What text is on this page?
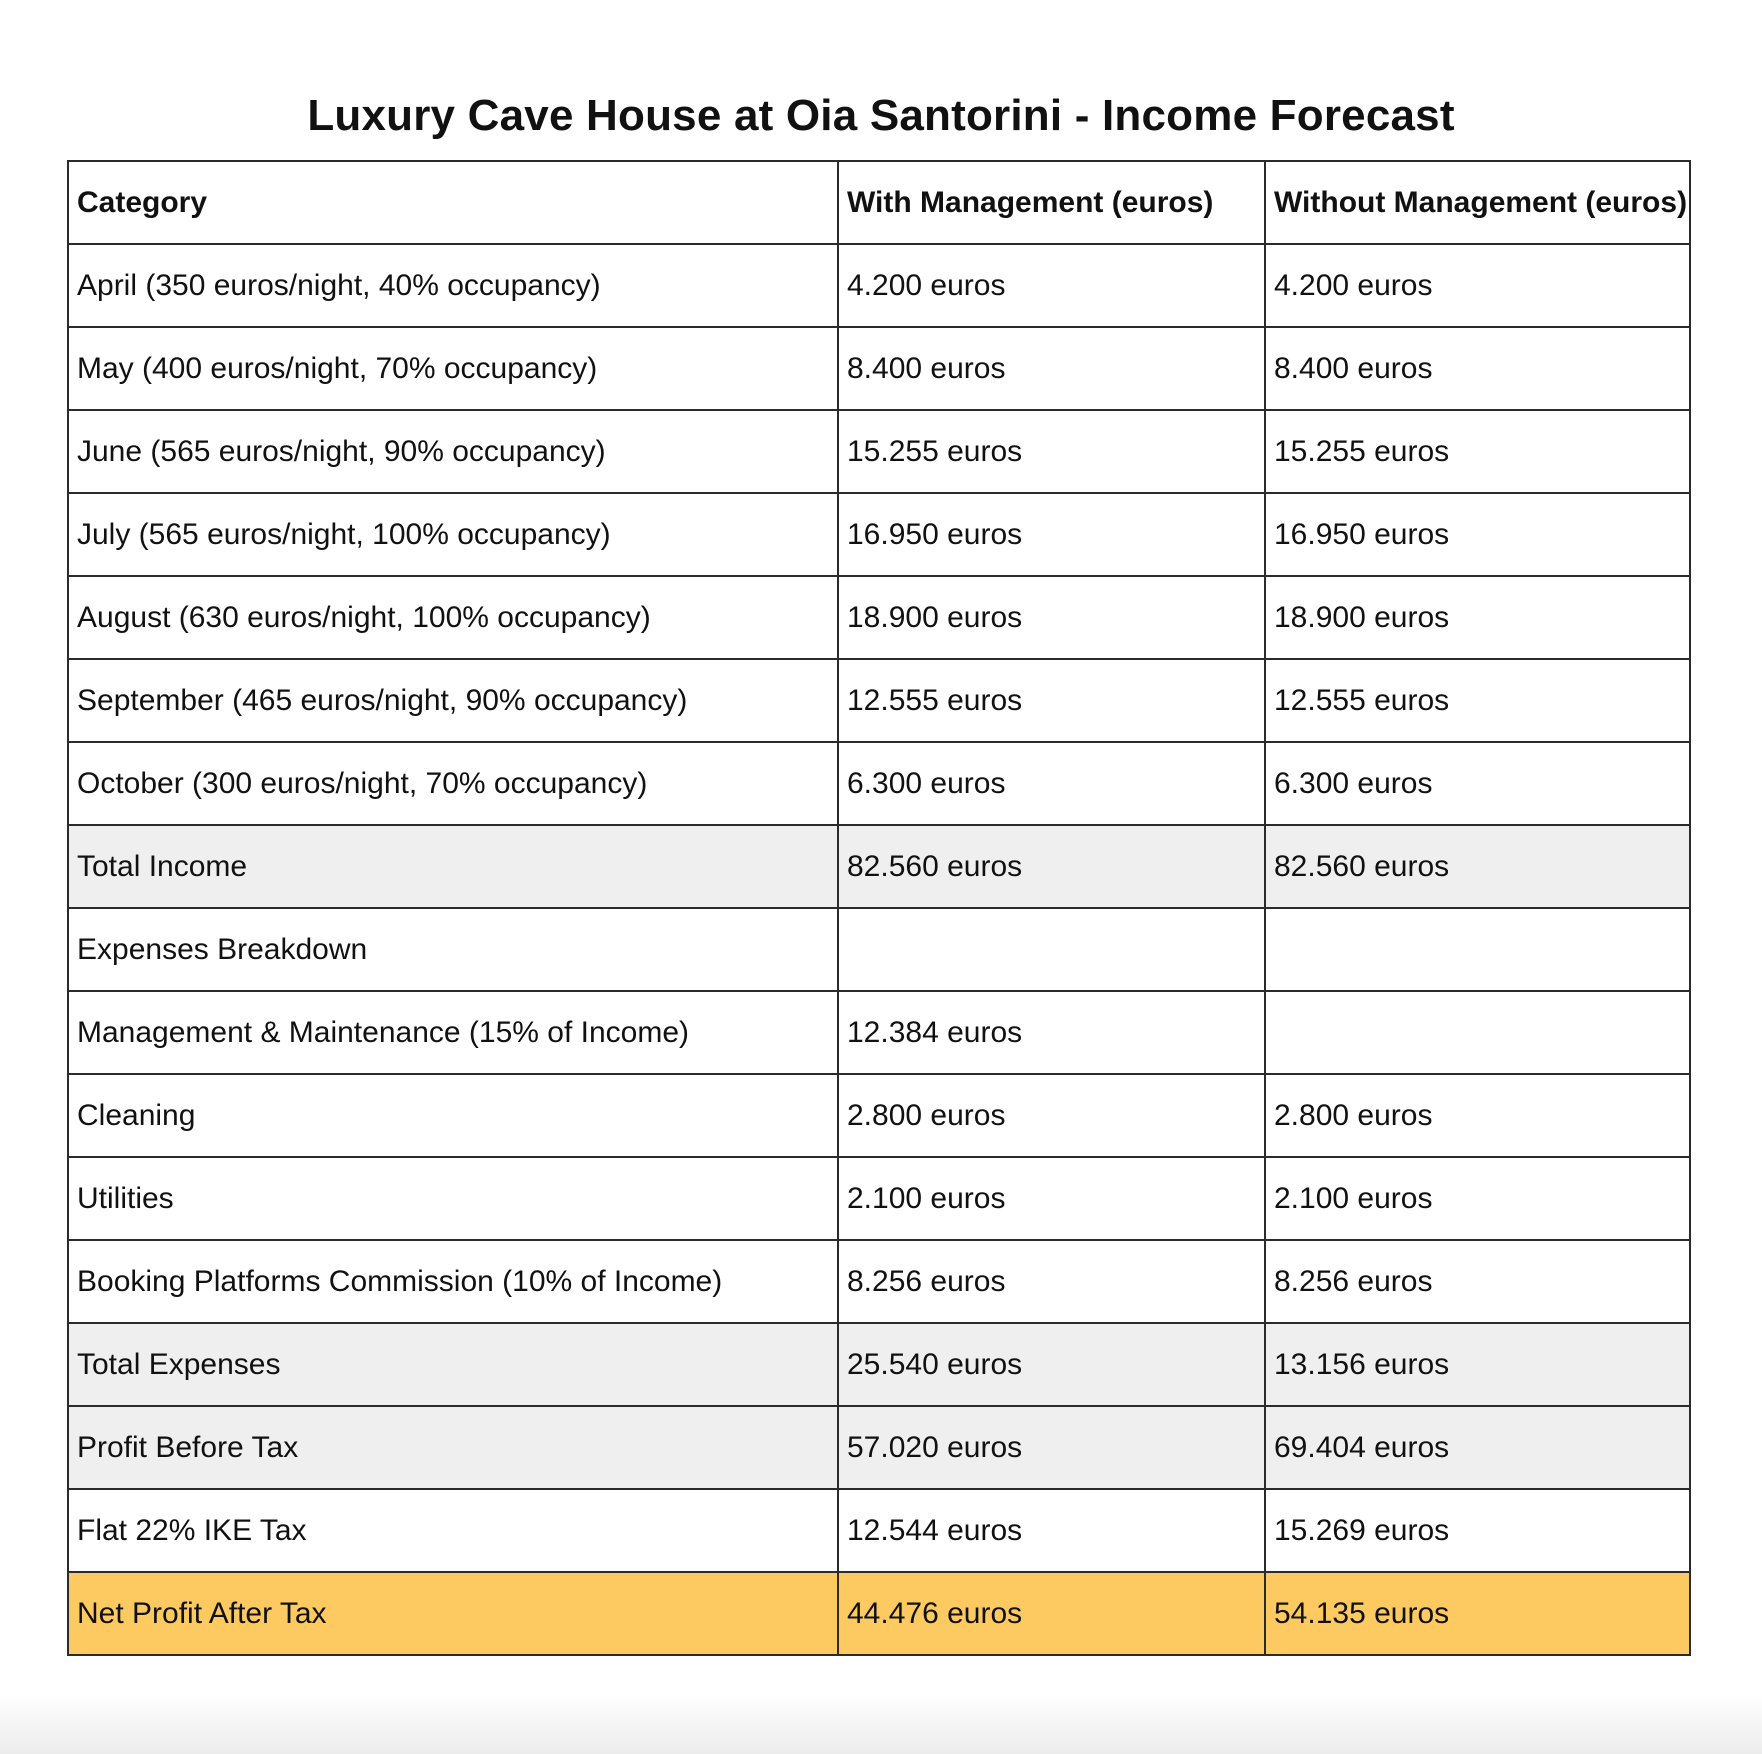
Luxury Cave House at Oia Santorini - Income Forecast
Category	With Management (euros)	Without Management (euros)
April (350 euros/night, 40% occupancy)	4.200 euros	4.200 euros
May (400 euros/night, 70% occupancy)	8.400 euros	8.400 euros
June (565 euros/night, 90% occupancy)	15.255 euros	15.255 euros
July (565 euros/night, 100% occupancy)	16.950 euros	16.950 euros
August (630 euros/night, 100% occupancy)	18.900 euros	18.900 euros
September (465 euros/night, 90% occupancy)	12.555 euros	12.555 euros
October (300 euros/night, 70% occupancy)	6.300 euros	6.300 euros
Total Income	82.560 euros	82.560 euros
Expenses Breakdown		
Management & Maintenance (15% of Income)	12.384 euros	
Cleaning	2.800 euros	2.800 euros
Utilities	2.100 euros	2.100 euros
Booking Platforms Commission (10% of Income)	8.256 euros	8.256 euros
Total Expenses	25.540 euros	13.156 euros
Profit Before Tax	57.020 euros	69.404 euros
Flat 22% IKE Tax	12.544 euros	15.269 euros
Net Profit After Tax	44.476 euros	54.135 euros
